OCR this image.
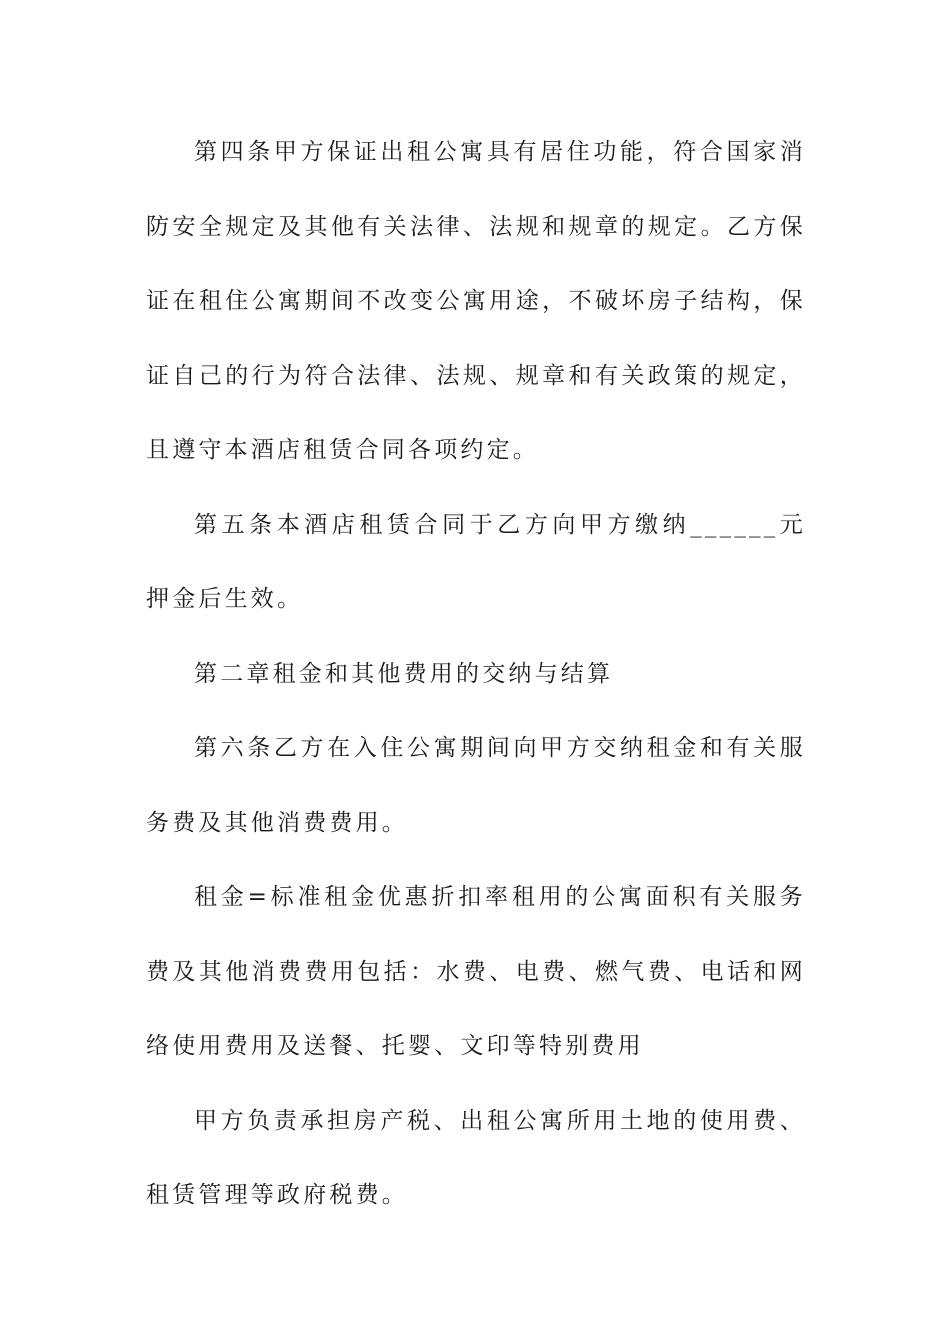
第四条甲方保证出租公寓具有居住功能，符合国家消防安全规定及其他有关法律、法规和规章的规定。乙方保证在租住公寓期间不改变公寓用途，不破坏房子结构，保证自己的行为符合法律、法规、规章和有关政策的规定，且遵守本酒店租赁合同各项约定。

第五条本酒店租赁合同于乙方向甲方缴纳______元押金后生效。

第二章租金和其他费用的交纳与结算

第六条乙方在入住公寓期间向甲方交纳租金和有关服务费及其他消费费用。

租金=标准租金优惠折扣率租用的公寓面积有关服务费及其他消费费用包括：水费、电费、燃气费、电话和网络使用费用及送餐、托婴、文印等特别费用

甲方负责承担房产税、出租公寓所用土地的使用费、租赁管理等政府税费。
